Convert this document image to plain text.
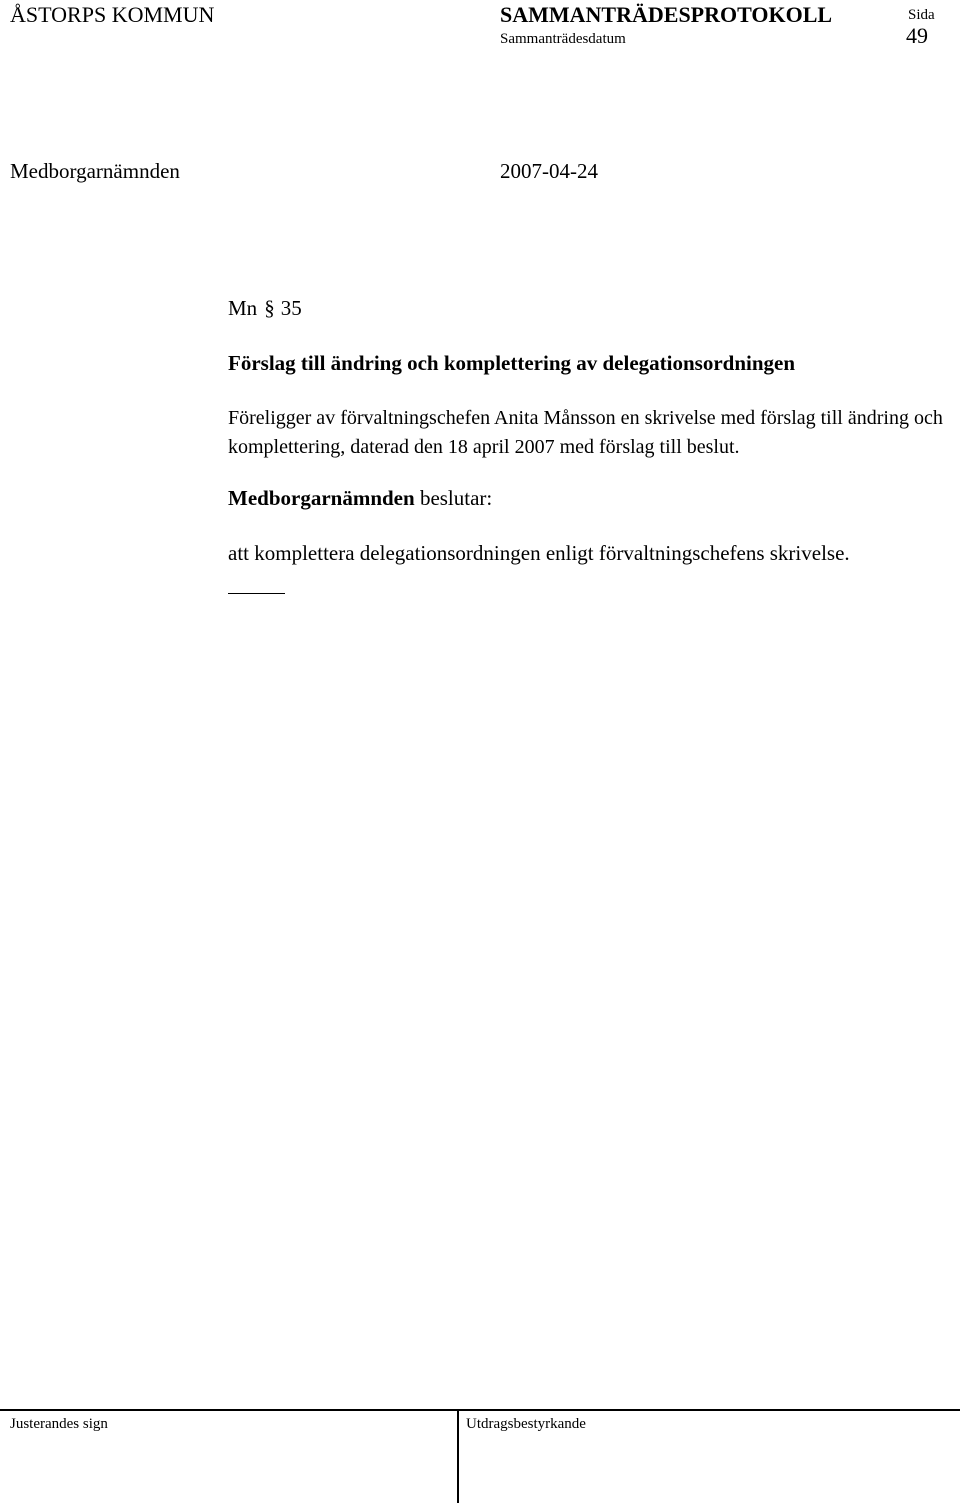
ÅSTORPS KOMMUN	SAMMANTRÄDESPROTOKOLL
Sammanträdesdatum
Sida
49
Medborgarnämnden	2007-04-24
Mn § 35
Förslag till ändring och komplettering av delegationsordningen
Föreligger av förvaltningschefen Anita Månsson en skrivelse med förslag till ändring och komplettering, daterad den 18 april 2007 med förslag till beslut.
Medborgarnämnden beslutar:
att komplettera delegationsordningen enligt förvaltningschefens skrivelse.
Justerandes sign	Utdragsbestyrkande
